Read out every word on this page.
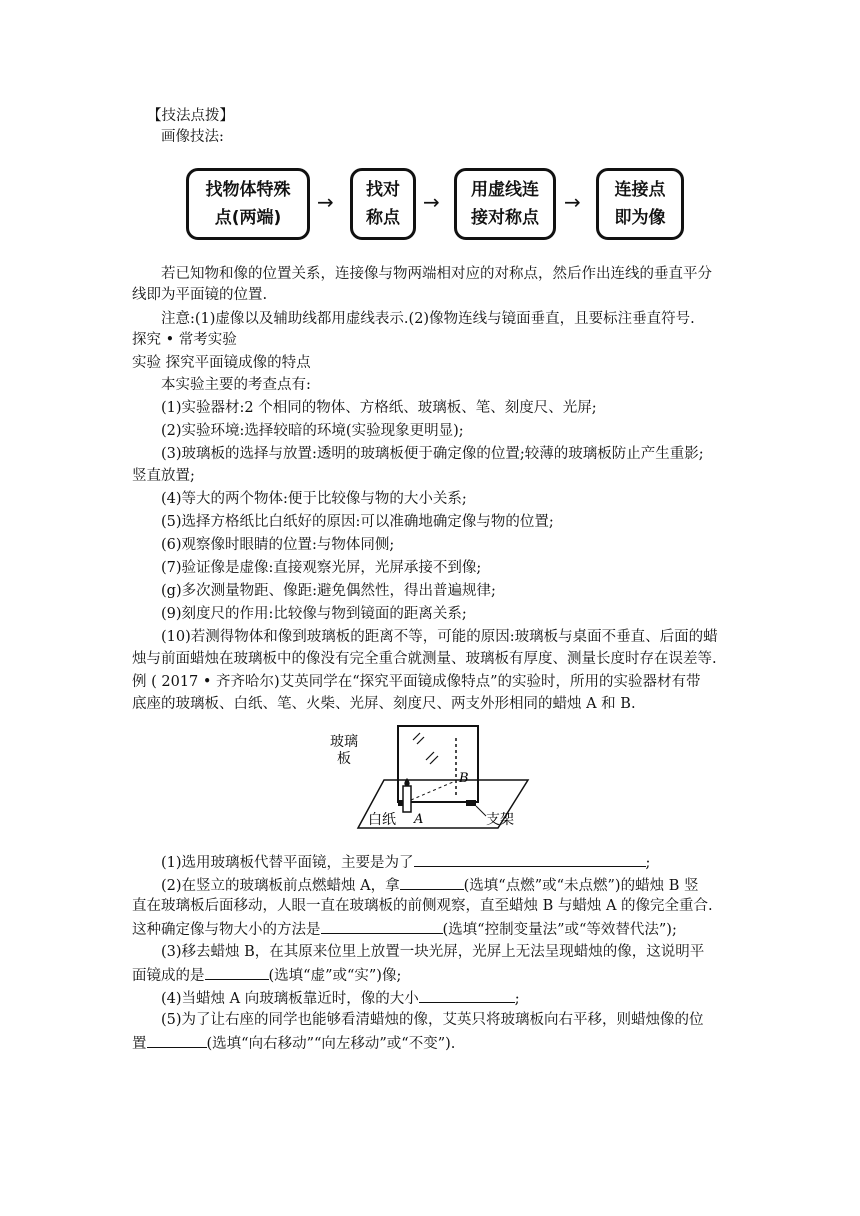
【技法点拨】
画像技法:
找物体特殊
点(两端)
→ 找对
称点
→ 用虚线连
接对称点
→ 连接点
即为像
若已知物和像的位置关系，连接像与物两端相对应的对称点，然后作出连线的垂直平分
线即为平面镜的位置.
注意:(1)虚像以及辅助线都用虚线表示.(2)像物连线与镜面垂直，且要标注垂直符号.
探究 • 常考实验
实验 探究平面镜成像的特点
本实验主要的考查点有:
(1)实验器材:2 个相同的物体、方格纸、玻璃板、笔、刻度尺、光屏;
(2)实验环境:选择较暗的环境(实验现象更明显);
(3)玻璃板的选择与放置:透明的玻璃板便于确定像的位置;较薄的玻璃板防止产生重影;
竖直放置;
(4)等大的两个物体:便于比较像与物的大小关系;
(5)选择方格纸比白纸好的原因:可以准确地确定像与物的位置;
(6)观察像时眼睛的位置:与物体同侧;
(7)验证像是虚像:直接观察光屏，光屏承接不到像;
(g)多次测量物距、像距:避免偶然性，得出普遍规律;
(9)刻度尺的作用:比较像与物到镜面的距离关系;
(10)若测得物体和像到玻璃板的距离不等，可能的原因:玻璃板与桌面不垂直、后面的蜡
烛与前面蜡烛在玻璃板中的像没有完全重合就测量、玻璃板有厚度、测量长度时存在误差等.
例 ( 2017 • 齐齐哈尔)艾英同学在“探究平面镜成像特点”的实验时，所用的实验器材有带
底座的玻璃板、白纸、笔、火柴、光屏、刻度尺、两支外形相同的蜡烛 A 和 B.
玻璃
板
白纸	支架
A
B
(1)选用玻璃板代替平面镜，主要是为了	;
(2)在竖立的玻璃板前点燃蜡烛 A，拿	(选填“点燃”或“未点燃”)的蜡烛 B 竖
直在玻璃板后面移动，人眼一直在玻璃板的前侧观察，直至蜡烛 B 与蜡烛 A 的像完全重合.
这种确定像与物大小的方法是	(选填“控制变量法”或“等效替代法”);
(3)移去蜡烛 B，在其原来位里上放置一块光屏，光屏上无法呈现蜡烛的像，这说明平
面镜成的是	(选填“虚”或“实”)像;
(4)当蜡烛 A 向玻璃板靠近时，像的大小	;
(5)为了让右座的同学也能够看清蜡烛的像，艾英只将玻璃板向右平移，则蜡烛像的位
置	(选填“向右移动”“向左移动”或“不变”).
